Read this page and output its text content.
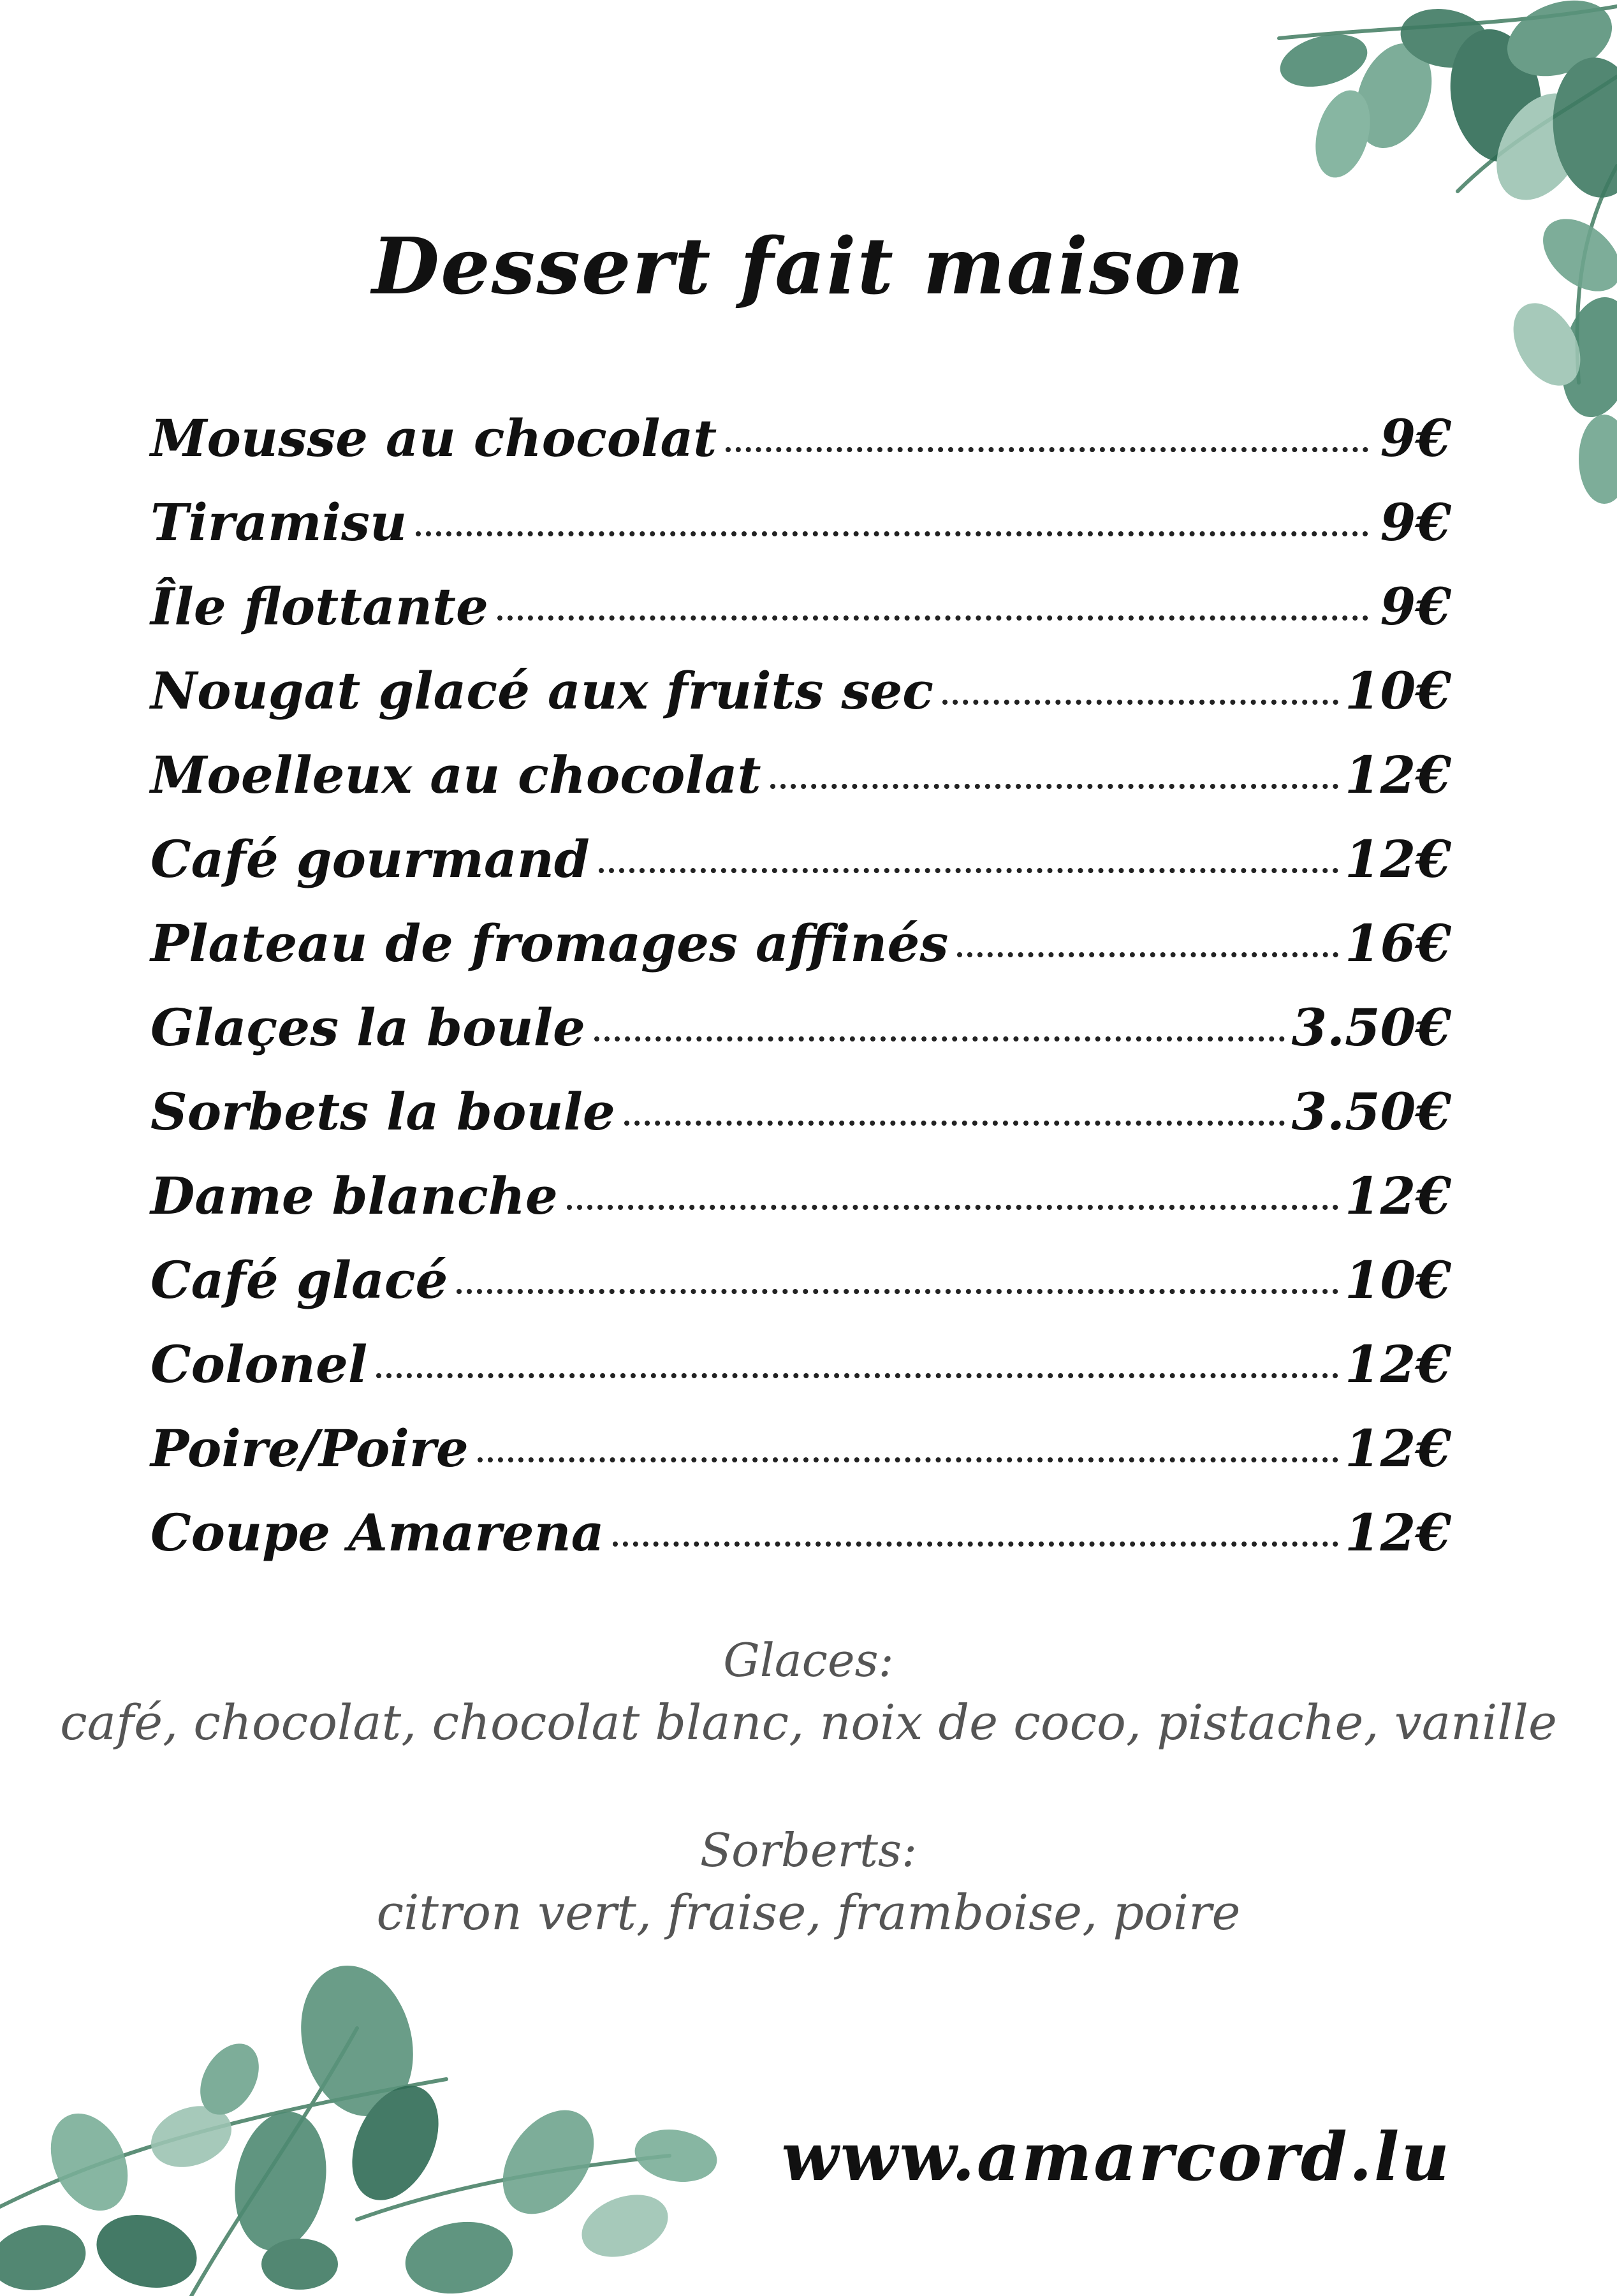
Dessert fait maison
Mousse au chocolat	9€
Tiramisu	9€
Île flottante	9€
Nougat glacé aux fruits sec	10€
Moelleux au chocolat	12€
Café gourmand	12€
Plateau de fromages affinés	16€
Glaçes la boule	3.50€
Sorbets la boule	3.50€
Dame blanche	12€
Café glacé	10€
Colonel	12€
Poire/Poire	12€
Coupe Amarena	12€
Glaces:
café, chocolat, chocolat blanc, noix de coco, pistache, vanille
Sorberts:
citron vert, fraise, framboise, poire
www.amarcord.lu
